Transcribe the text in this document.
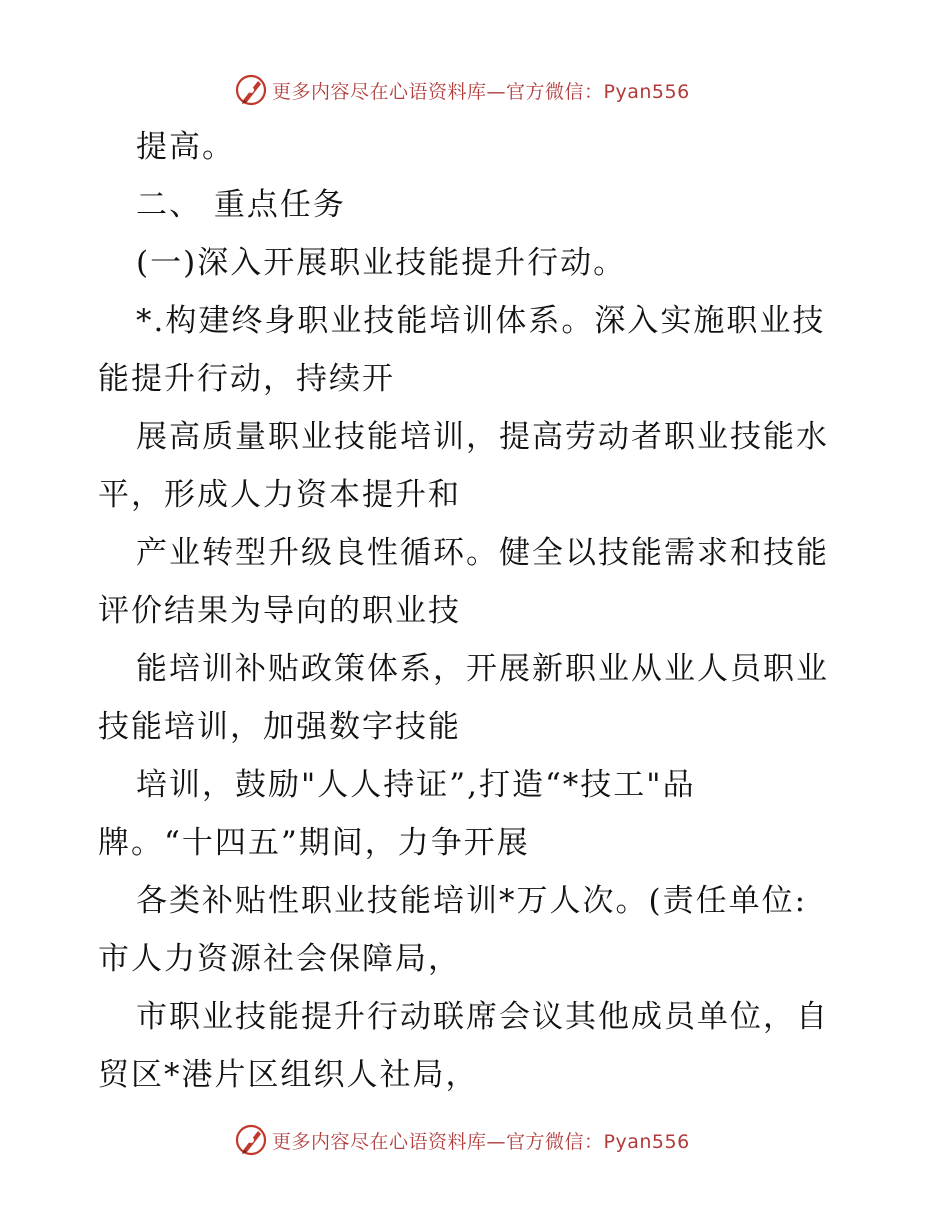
更多内容尽在心语资料库—官方微信：Pyan556
提高。
二、 重点任务
(一)深入开展职业技能提升行动。
*.构建终身职业技能培训体系。深入实施职业技
能提升行动，持续开
展高质量职业技能培训，提高劳动者职业技能水
平，形成人力资本提升和
产业转型升级良性循环。健全以技能需求和技能
评价结果为导向的职业技
能培训补贴政策体系，开展新职业从业人员职业
技能培训，加强数字技能
培训，鼓励"人人持证”,打造“*技工"品
牌。“十四五”期间，力争开展
各类补贴性职业技能培训*万人次。(责任单位:
市人力资源社会保障局，
市职业技能提升行动联席会议其他成员单位，自
贸区*港片区组织人社局，
更多内容尽在心语资料库—官方微信：Pyan556
